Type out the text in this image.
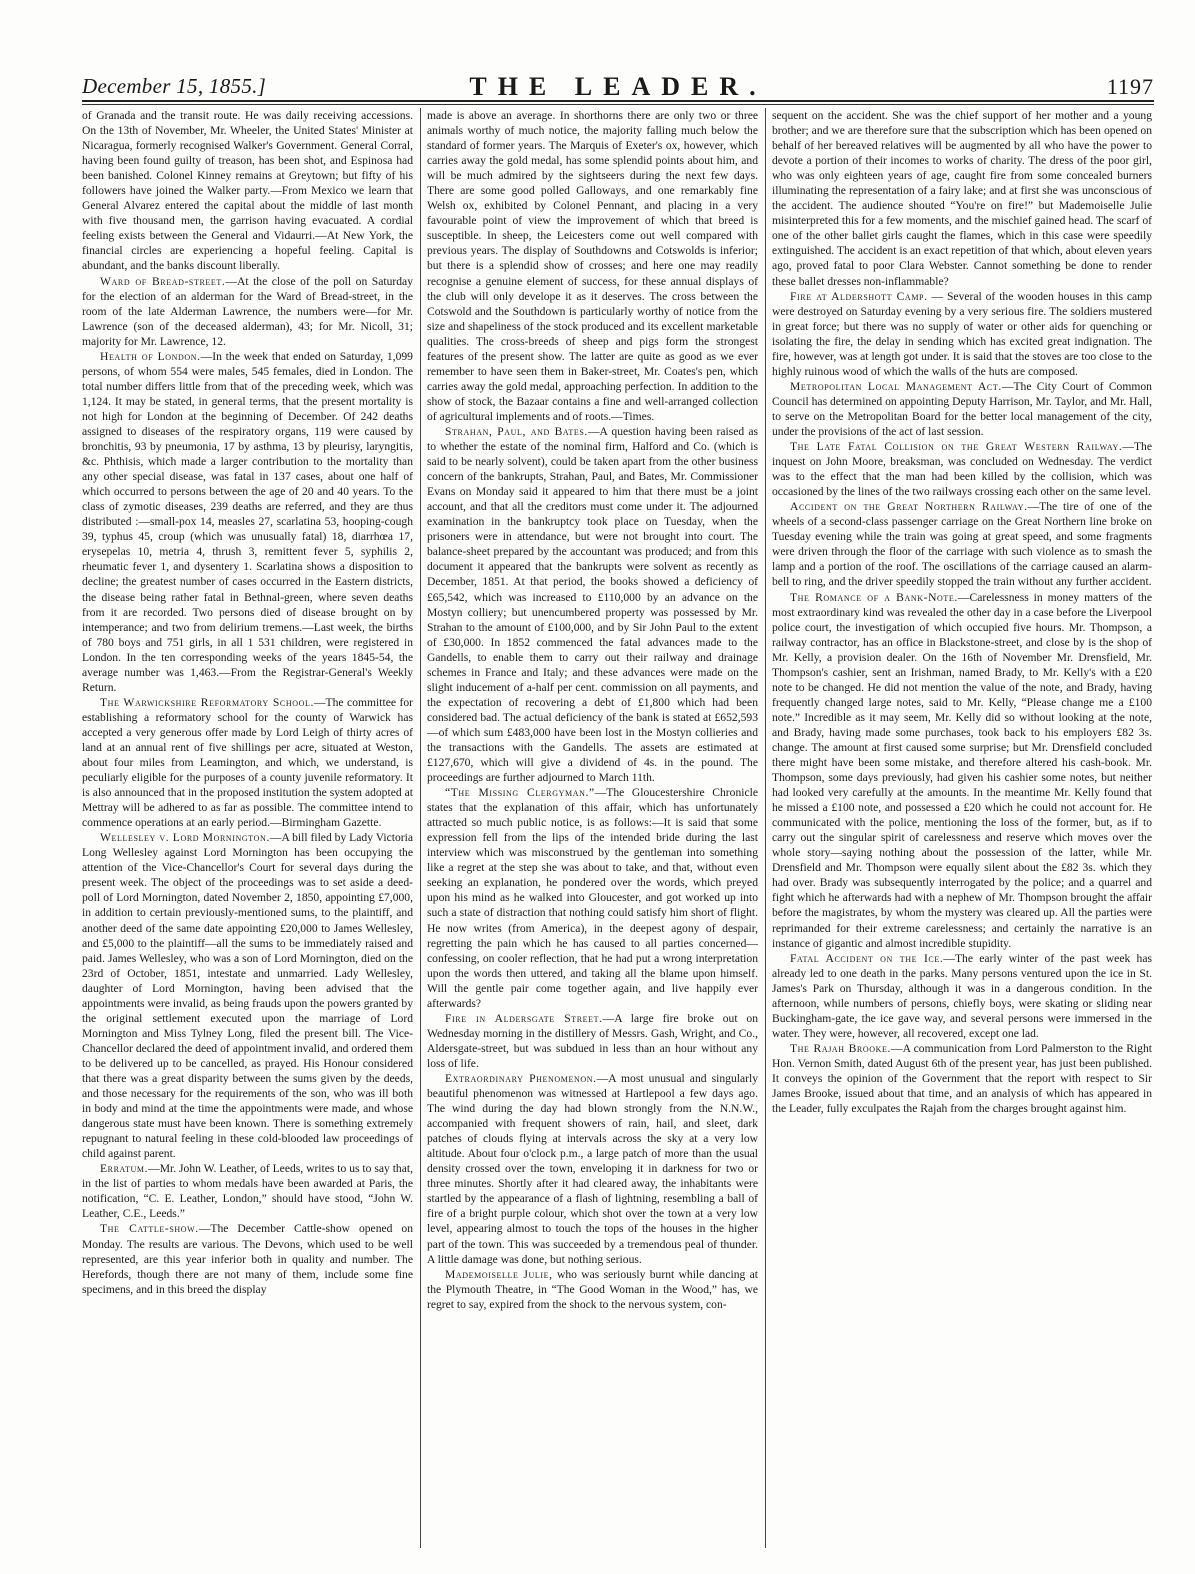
December 15, 1855.]	THE LEADER.	1197

of Granada and the transit route. He was daily receiving accessions. On the 13th of November, Mr. Wheeler, the United States' Minister at Nicaragua, formerly recognised Walker's Government. General Corral, having been found guilty of treason, has been shot, and Espinosa had been banished. Colonel Kinney remains at Greytown; but fifty of his followers have joined the Walker party.—From Mexico we learn that General Alvarez entered the capital about the middle of last month with five thousand men, the garrison having evacuated. A cordial feeling exists between the General and Vidaurri.—At New York, the financial circles are experiencing a hopeful feeling. Capital is abundant, and the banks discount liberally.

Ward of Bread-street.—At the close of the poll on Saturday for the election of an alderman for the Ward of Bread-street, in the room of the late Alderman Lawrence, the numbers were—for Mr. Lawrence (son of the deceased alderman), 43; for Mr. Nicoll, 31; majority for Mr. Lawrence, 12.

Health of London.—In the week that ended on Saturday, 1,099 persons, of whom 554 were males, 545 females, died in London. The total number differs little from that of the preceding week, which was 1,124. It may be stated, in general terms, that the present mortality is not high for London at the beginning of December. Of 242 deaths assigned to diseases of the respiratory organs, 119 were caused by bronchitis, 93 by pneumonia, 17 by asthma, 13 by pleurisy, laryngitis, &c. Phthisis, which made a larger contribution to the mortality than any other special disease, was fatal in 137 cases, about one half of which occurred to persons between the age of 20 and 40 years. To the class of zymotic diseases, 239 deaths are referred, and they are thus distributed :—small-pox 14, measles 27, scarlatina 53, hooping-cough 39, typhus 45, croup (which was unusually fatal) 18, diarrhœa 17, erysepelas 10, metria 4, thrush 3, remittent fever 5, syphilis 2, rheumatic fever 1, and dysentery 1. Scarlatina shows a disposition to decline; the greatest number of cases occurred in the Eastern districts, the disease being rather fatal in Bethnal-green, where seven deaths from it are recorded. Two persons died of disease brought on by intemperance; and two from delirium tremens.—Last week, the births of 780 boys and 751 girls, in all 1 531 children, were registered in London. In the ten corresponding weeks of the years 1845-54, the average number was 1,463.—From the Registrar-General's Weekly Return.

The Warwickshire Reformatory School.—The committee for establishing a reformatory school for the county of Warwick has accepted a very generous offer made by Lord Leigh of thirty acres of land at an annual rent of five shillings per acre, situated at Weston, about four miles from Leamington, and which, we understand, is peculiarly eligible for the purposes of a county juvenile reformatory. It is also announced that in the proposed institution the system adopted at Mettray will be adhered to as far as possible. The committee intend to commence operations at an early period.—Birmingham Gazette.

Wellesley v. Lord Mornington.—A bill filed by Lady Victoria Long Wellesley against Lord Mornington has been occupying the attention of the Vice-Chancellor's Court for several days during the present week. The object of the proceedings was to set aside a deed-poll of Lord Mornington, dated November 2, 1850, appointing £7,000, in addition to certain previously-mentioned sums, to the plaintiff, and another deed of the same date appointing £20,000 to James Wellesley, and £5,000 to the plaintiff—all the sums to be immediately raised and paid. James Wellesley, who was a son of Lord Mornington, died on the 23rd of October, 1851, intestate and unmarried. Lady Wellesley, daughter of Lord Mornington, having been advised that the appointments were invalid, as being frauds upon the powers granted by the original settlement executed upon the marriage of Lord Mornington and Miss Tylney Long, filed the present bill. The Vice-Chancellor declared the deed of appointment invalid, and ordered them to be delivered up to be cancelled, as prayed. His Honour considered that there was a great disparity between the sums given by the deeds, and those necessary for the requirements of the son, who was ill both in body and mind at the time the appointments were made, and whose dangerous state must have been known. There is something extremely repugnant to natural feeling in these cold-blooded law proceedings of child against parent.

Erratum.—Mr. John W. Leather, of Leeds, writes to us to say that, in the list of parties to whom medals have been awarded at Paris, the notification, “C. E. Leather, London,” should have stood, “John W. Leather, C.E., Leeds.”

The Cattle-show.—The December Cattle-show opened on Monday. The results are various. The Devons, which used to be well represented, are this year inferior both in quality and number. The Herefords, though there are not many of them, include some fine specimens, and in this breed the display

made is above an average. In shorthorns there are only two or three animals worthy of much notice, the majority falling much below the standard of former years. The Marquis of Exeter's ox, however, which carries away the gold medal, has some splendid points about him, and will be much admired by the sightseers during the next few days. There are some good polled Galloways, and one remarkably fine Welsh ox, exhibited by Colonel Pennant, and placing in a very favourable point of view the improvement of which that breed is susceptible. In sheep, the Leicesters come out well compared with previous years. The display of Southdowns and Cotswolds is inferior; but there is a splendid show of crosses; and here one may readily recognise a genuine element of success, for these annual displays of the club will only develope it as it deserves. The cross between the Cotswold and the Southdown is particularly worthy of notice from the size and shapeliness of the stock produced and its excellent marketable qualities. The cross-breeds of sheep and pigs form the strongest features of the present show. The latter are quite as good as we ever remember to have seen them in Baker-street, Mr. Coates's pen, which carries away the gold medal, approaching perfection. In addition to the show of stock, the Bazaar contains a fine and well-arranged collection of agricultural implements and of roots.—Times.

Strahan, Paul, and Bates.—A question having been raised as to whether the estate of the nominal firm, Halford and Co. (which is said to be nearly solvent), could be taken apart from the other business concern of the bankrupts, Strahan, Paul, and Bates, Mr. Commissioner Evans on Monday said it appeared to him that there must be a joint account, and that all the creditors must come under it. The adjourned examination in the bankruptcy took place on Tuesday, when the prisoners were in attendance, but were not brought into court. The balance-sheet prepared by the accountant was produced; and from this document it appeared that the bankrupts were solvent as recently as December, 1851. At that period, the books showed a deficiency of £65,542, which was increased to £110,000 by an advance on the Mostyn colliery; but unencumbered property was possessed by Mr. Strahan to the amount of £100,000, and by Sir John Paul to the extent of £30,000. In 1852 commenced the fatal advances made to the Gandells, to enable them to carry out their railway and drainage schemes in France and Italy; and these advances were made on the slight inducement of a-half per cent. commission on all payments, and the expectation of recovering a debt of £1,800 which had been considered bad. The actual deficiency of the bank is stated at £652,593—of which sum £483,000 have been lost in the Mostyn collieries and the transactions with the Gandells. The assets are estimated at £127,670, which will give a dividend of 4s. in the pound. The proceedings are further adjourned to March 11th.

“The Missing Clergyman.”—The Gloucestershire Chronicle states that the explanation of this affair, which has unfortunately attracted so much public notice, is as follows:—It is said that some expression fell from the lips of the intended bride during the last interview which was misconstrued by the gentleman into something like a regret at the step she was about to take, and that, without even seeking an explanation, he pondered over the words, which preyed upon his mind as he walked into Gloucester, and got worked up into such a state of distraction that nothing could satisfy him short of flight. He now writes (from America), in the deepest agony of despair, regretting the pain which he has caused to all parties concerned—confessing, on cooler reflection, that he had put a wrong interpretation upon the words then uttered, and taking all the blame upon himself. Will the gentle pair come together again, and live happily ever afterwards?

Fire in Aldersgate Street.—A large fire broke out on Wednesday morning in the distillery of Messrs. Gash, Wright, and Co., Aldersgate-street, but was subdued in less than an hour without any loss of life.

Extraordinary Phenomenon.—A most unusual and singularly beautiful phenomenon was witnessed at Hartlepool a few days ago. The wind during the day had blown strongly from the N.N.W., accompanied with frequent showers of rain, hail, and sleet, dark patches of clouds flying at intervals across the sky at a very low altitude. About four o'clock p.m., a large patch of more than the usual density crossed over the town, enveloping it in darkness for two or three minutes. Shortly after it had cleared away, the inhabitants were startled by the appearance of a flash of lightning, resembling a ball of fire of a bright purple colour, which shot over the town at a very low level, appearing almost to touch the tops of the houses in the higher part of the town. This was succeeded by a tremendous peal of thunder. A little damage was done, but nothing serious.

Mademoiselle Julie, who was seriously burnt while dancing at the Plymouth Theatre, in “The Good Woman in the Wood,” has, we regret to say, expired from the shock to the nervous system, con-

sequent on the accident. She was the chief support of her mother and a young brother; and we are therefore sure that the subscription which has been opened on behalf of her bereaved relatives will be augmented by all who have the power to devote a portion of their incomes to works of charity. The dress of the poor girl, who was only eighteen years of age, caught fire from some concealed burners illuminating the representation of a fairy lake; and at first she was unconscious of the accident. The audience shouted “You're on fire!” but Mademoiselle Julie misinterpreted this for a few moments, and the mischief gained head. The scarf of one of the other ballet girls caught the flames, which in this case were speedily extinguished. The accident is an exact repetition of that which, about eleven years ago, proved fatal to poor Clara Webster. Cannot something be done to render these ballet dresses non-inflammable?

Fire at Aldershott Camp. — Several of the wooden houses in this camp were destroyed on Saturday evening by a very serious fire. The soldiers mustered in great force; but there was no supply of water or other aids for quenching or isolating the fire, the delay in sending which has excited great indignation. The fire, however, was at length got under. It is said that the stoves are too close to the highly ruinous wood of which the walls of the huts are composed.

Metropolitan Local Management Act.—The City Court of Common Council has determined on appointing Deputy Harrison, Mr. Taylor, and Mr. Hall, to serve on the Metropolitan Board for the better local management of the city, under the provisions of the act of last session.

The Late Fatal Collision on the Great Western Railway.—The inquest on John Moore, breaksman, was concluded on Wednesday. The verdict was to the effect that the man had been killed by the collision, which was occasioned by the lines of the two railways crossing each other on the same level.

Accident on the Great Northern Railway.—The tire of one of the wheels of a second-class passenger carriage on the Great Northern line broke on Tuesday evening while the train was going at great speed, and some fragments were driven through the floor of the carriage with such violence as to smash the lamp and a portion of the roof. The oscillations of the carriage caused an alarm-bell to ring, and the driver speedily stopped the train without any further accident.

The Romance of a Bank-Note.—Carelessness in money matters of the most extraordinary kind was revealed the other day in a case before the Liverpool police court, the investigation of which occupied five hours. Mr. Thompson, a railway contractor, has an office in Blackstone-street, and close by is the shop of Mr. Kelly, a provision dealer. On the 16th of November Mr. Drensfield, Mr. Thompson's cashier, sent an Irishman, named Brady, to Mr. Kelly's with a £20 note to be changed. He did not mention the value of the note, and Brady, having frequently changed large notes, said to Mr. Kelly, “Please change me a £100 note.” Incredible as it may seem, Mr. Kelly did so without looking at the note, and Brady, having made some purchases, took back to his employers £82 3s. change. The amount at first caused some surprise; but Mr. Drensfield concluded there might have been some mistake, and therefore altered his cash-book. Mr. Thompson, some days previously, had given his cashier some notes, but neither had looked very carefully at the amounts. In the meantime Mr. Kelly found that he missed a £100 note, and possessed a £20 which he could not account for. He communicated with the police, mentioning the loss of the former, but, as if to carry out the singular spirit of carelessness and reserve which moves over the whole story—saying nothing about the possession of the latter, while Mr. Drensfield and Mr. Thompson were equally silent about the £82 3s. which they had over. Brady was subsequently interrogated by the police; and a quarrel and fight which he afterwards had with a nephew of Mr. Thompson brought the affair before the magistrates, by whom the mystery was cleared up. All the parties were reprimanded for their extreme carelessness; and certainly the narrative is an instance of gigantic and almost incredible stupidity.

Fatal Accident on the Ice.—The early winter of the past week has already led to one death in the parks. Many persons ventured upon the ice in St. James's Park on Thursday, although it was in a dangerous condition. In the afternoon, while numbers of persons, chiefly boys, were skating or sliding near Buckingham-gate, the ice gave way, and several persons were immersed in the water. They were, however, all recovered, except one lad.

The Rajah Brooke.—A communication from Lord Palmerston to the Right Hon. Vernon Smith, dated August 6th of the present year, has just been published. It conveys the opinion of the Government that the report with respect to Sir James Brooke, issued about that time, and an analysis of which has appeared in the Leader, fully exculpates the Rajah from the charges brought against him.
